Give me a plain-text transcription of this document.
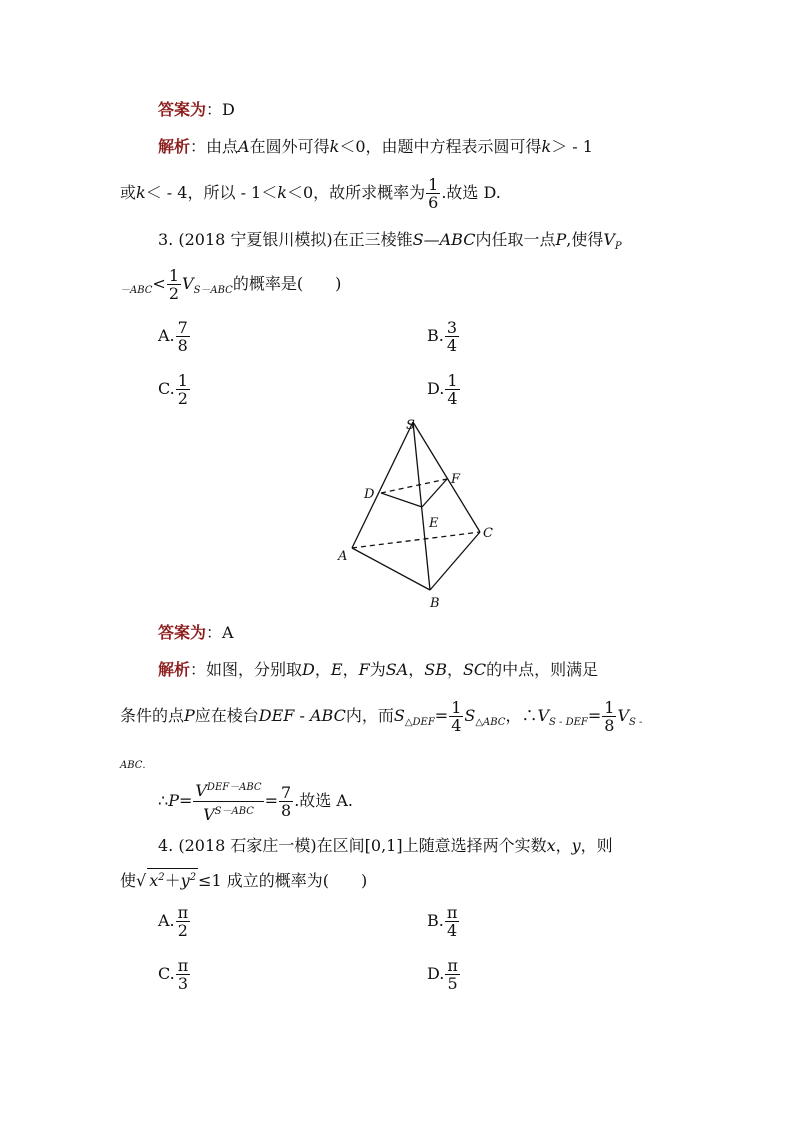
答案为：D
解析：由点A在圆外可得k＜0，由题中方程表示圆可得k＞ - 1
或k＜ - 4，所以 - 1＜k＜0，故所求概率为 $\frac{1}{6}$ .故选 D.
3. (2018 宁夏银川模拟)在正三棱锥S—ABC内任取一点P,使得$V_P$
$_{-ABC}< \frac{1}{2} V_{S-ABC}$的概率是(　　)
A. $\frac{7}{8}$	B. $\frac{3}{4}$
C. $\frac{1}{2}$	D. $\frac{1}{4}$
S
D
F
E
C
A
B
答案为：A
解析：如图，分别取D，E，F为SA，SB，SC的中点，则满足
条件的点P应在棱台DEF - ABC内，而$S_{\triangle DEF}= \frac{1}{4} S_{\triangle ABC}$，$\therefore V_{S - DEF}= \frac{1}{8} V_{S -}$
ABC.
∴P= $\frac{V^{DEF-ABC}}{V^{S-ABC}} = \frac{7}{8}$ .故选 A.
4. (2018 石家庄一模)在区间[0,1]上随意选择两个实数x，y，则
使√ $x^2+y^2 \le 1$ 成立的概率为(　　)
A. $\frac{\pi}{2}$	B. $\frac{\pi}{4}$
C. $\frac{\pi}{3}$	D. $\frac{\pi}{5}$
